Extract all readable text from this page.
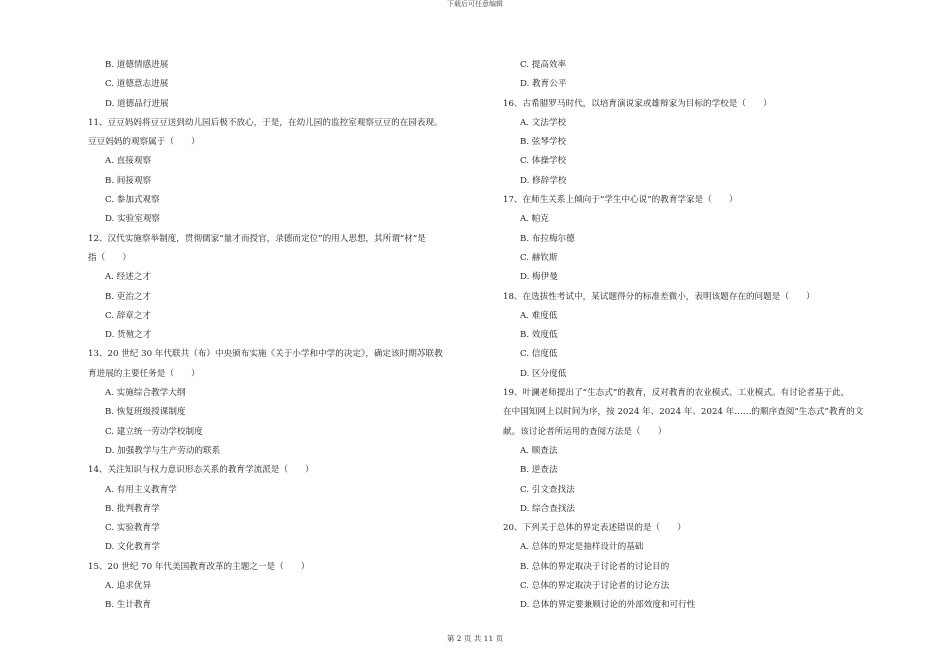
下载后可任意编辑
B. 道德情感进展
C. 道德意志进展
D. 道德品行进展
11、豆豆妈妈将豆豆送到幼儿园后极不放心，于是，在幼儿园的监控室观察豆豆的在园表现。
豆豆妈妈的观察属于（　　）
A. 直接观察
B. 间接观察
C. 参加式观察
D. 实验室观察
12、汉代实施察举制度，贯彻儒家“量才而授官，录德而定位”的用人思想，其所谓“材”是
指（　　）
A. 经述之才
B. 吏治之才
C. 辞章之才
D. 货殖之才
13、20 世纪 30 年代联共（布）中央颁布实施《关于小学和中学的决定》，确定该时期苏联教
育进展的主要任务是（　　）
A. 实施综合教学大纲
B. 恢复班级授课制度
C. 建立统一劳动学校制度
D. 加强教学与生产劳动的联系
14、关注知识与权力意识形态关系的教育学流派是（　　）
A. 有用主义教育学
B. 批判教育学
C. 实验教育学
D. 文化教育学
15、20 世纪 70 年代美国教育改革的主题之一是（　　）
A. 追求优异
B. 生计教育
C. 提高效率
D. 教育公平
16、古希腊罗马时代，以培育演说家或雄辩家为目标的学校是（　　）
A. 文法学校
B. 弦琴学校
C. 体操学校
D. 修辞学校
17、在师生关系上倾向于“学生中心说”的教育学家是（　　）
A. 帕克
B. 布拉梅尔德
C. 赫钦斯
D. 梅伊曼
18、在选拔性考试中，某试题得分的标准差微小，表明该题存在的问题是（　　）
A. 难度低
B. 效度低
C. 信度低
D. 区分度低
19、叶澜老师提出了“生态式”的教育，反对教育的农业模式、工业模式。有讨论者基于此，
在中国知网上以时间为序，按 2024 年、2024 年、2024 年……的顺序查阅“生态式”教育的文
献。该讨论者所运用的查阅方法是（　　）
A. 顺查法
B. 逆查法
C. 引文查找法
D. 综合查找法
20、下列关于总体的界定表述错误的是（　　）
A. 总体的界定是抽样设计的基础
B. 总体的界定取决于讨论者的讨论目的
C. 总体的界定取决于讨论者的讨论方法
D. 总体的界定要兼顾讨论的外部效度和可行性
第 2 页 共 11 页
